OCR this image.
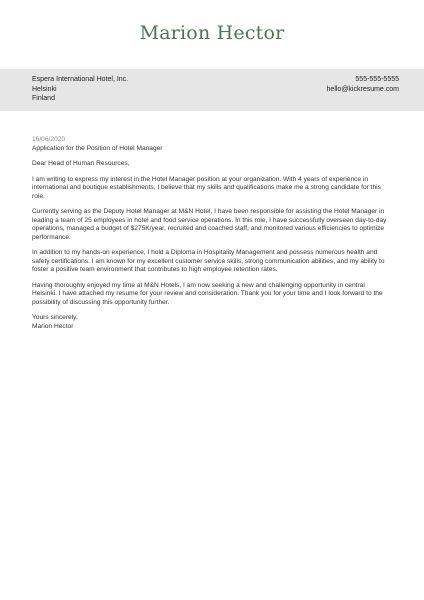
Marion Hector
Espera International Hotel, Inc.
Helsinki
Finland
555-555-5555
hello@kickresume.com
16/06/2020
Application for the Position of Hotel Manager
Dear Head of Human Resources,
I am writing to express my interest in the Hotel Manager position at your organization. With 4 years of experience in
international and boutique establishments, I believe that my skills and qualifications make me a strong candidate for this
role.
Currently serving as the Deputy Hotel Manager at M&N Hotel, I have been responsible for assisting the Hotel Manager in
leading a team of 25 employees in hotel and food service operations. In this role, I have successfully overseen day-to-day
operations, managed a budget of $275K/year, recruited and coached staff, and monitored various efficiencies to optimize
performance.
In addition to my hands-on experience, I hold a Diploma in Hospitality Management and possess numerous health and
safety certifications. I am known for my excellent customer service skills, strong communication abilities, and my ability to
foster a positive team environment that contributes to high employee retention rates.
Having thoroughly enjoyed my time at M&N Hotels, I am now seeking a new and challenging opportunity in central
Helsinki. I have attached my resume for your review and consideration. Thank you for your time and I look forward to the
possibility of discussing this opportunity further.
Yours sincerely,
Marion Hector
